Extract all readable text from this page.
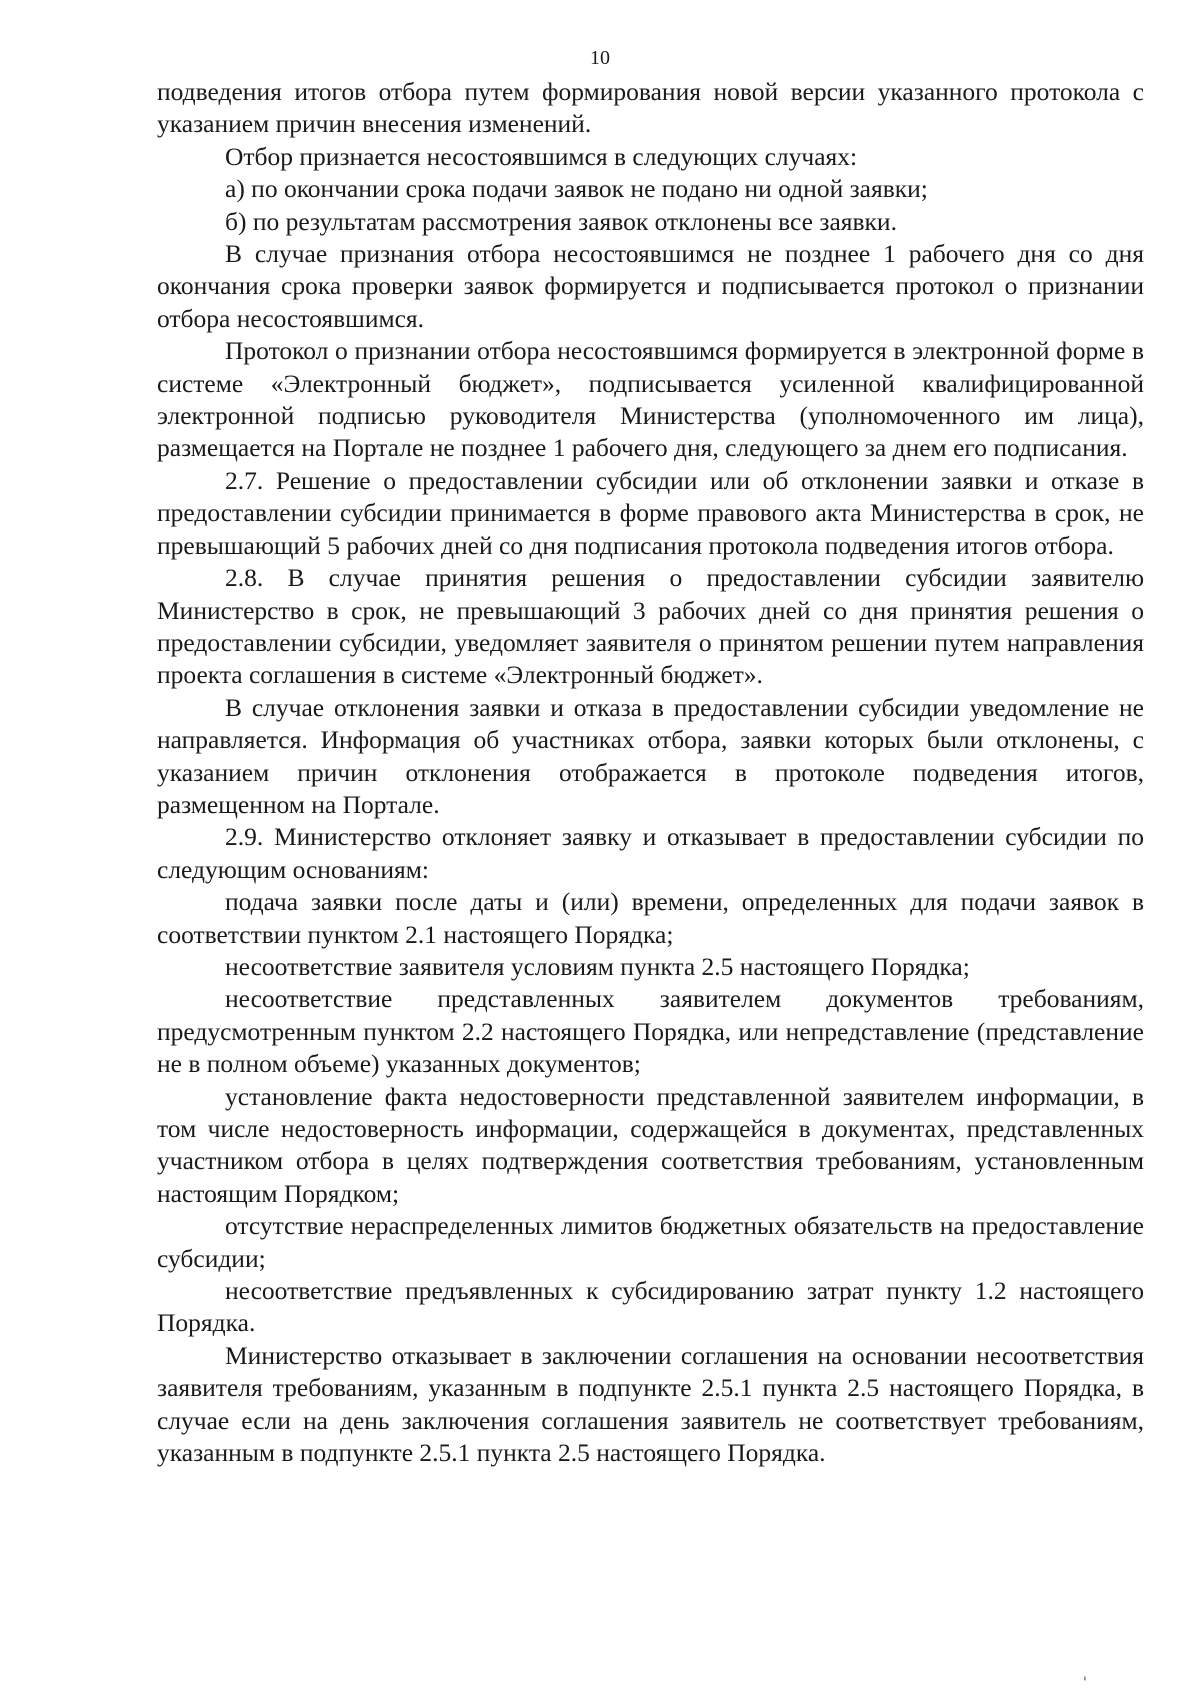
10

подведения итогов отбора путем формирования новой версии указанного протокола с указанием причин внесения изменений.

Отбор признается несостоявшимся в следующих случаях:

а) по окончании срока подачи заявок не подано ни одной заявки;

б) по результатам рассмотрения заявок отклонены все заявки.

В случае признания отбора несостоявшимся не позднее 1 рабочего дня со дня окончания срока проверки заявок формируется и подписывается протокол о признании отбора несостоявшимся.

Протокол о признании отбора несостоявшимся формируется в электронной форме в системе «Электронный бюджет», подписывается усиленной квалифицированной электронной подписью руководителя Министерства (уполномоченного им лица), размещается на Портале не позднее 1 рабочего дня, следующего за днем его подписания.

2.7. Решение о предоставлении субсидии или об отклонении заявки и отказе в предоставлении субсидии принимается в форме правового акта Министерства в срок, не превышающий 5 рабочих дней со дня подписания протокола подведения итогов отбора.

2.8. В случае принятия решения о предоставлении субсидии заявителю Министерство в срок, не превышающий 3 рабочих дней со дня принятия решения о предоставлении субсидии, уведомляет заявителя о принятом решении путем направления проекта соглашения в системе «Электронный бюджет».

В случае отклонения заявки и отказа в предоставлении субсидии уведомление не направляется. Информация об участниках отбора, заявки которых были отклонены, с указанием причин отклонения отображается в протоколе подведения итогов, размещенном на Портале.

2.9. Министерство отклоняет заявку и отказывает в предоставлении субсидии по следующим основаниям:

подача заявки после даты и (или) времени, определенных для подачи заявок в соответствии пунктом 2.1 настоящего Порядка;

несоответствие заявителя условиям пункта 2.5 настоящего Порядка;

несоответствие представленных заявителем документов требованиям, предусмотренным пунктом 2.2 настоящего Порядка, или непредставление (представление не в полном объеме) указанных документов;

установление факта недостоверности представленной заявителем информации, в том числе недостоверность информации, содержащейся в документах, представленных участником отбора в целях подтверждения соответствия требованиям, установленным настоящим Порядком;

отсутствие нераспределенных лимитов бюджетных обязательств на предоставление субсидии;

несоответствие предъявленных к субсидированию затрат пункту 1.2 настоящего Порядка.

Министерство отказывает в заключении соглашения на основании несоответствия заявителя требованиям, указанным в подпункте 2.5.1 пункта 2.5 настоящего Порядка, в случае если на день заключения соглашения заявитель не соответствует требованиям, указанным в подпункте 2.5.1 пункта 2.5 настоящего Порядка.

'
